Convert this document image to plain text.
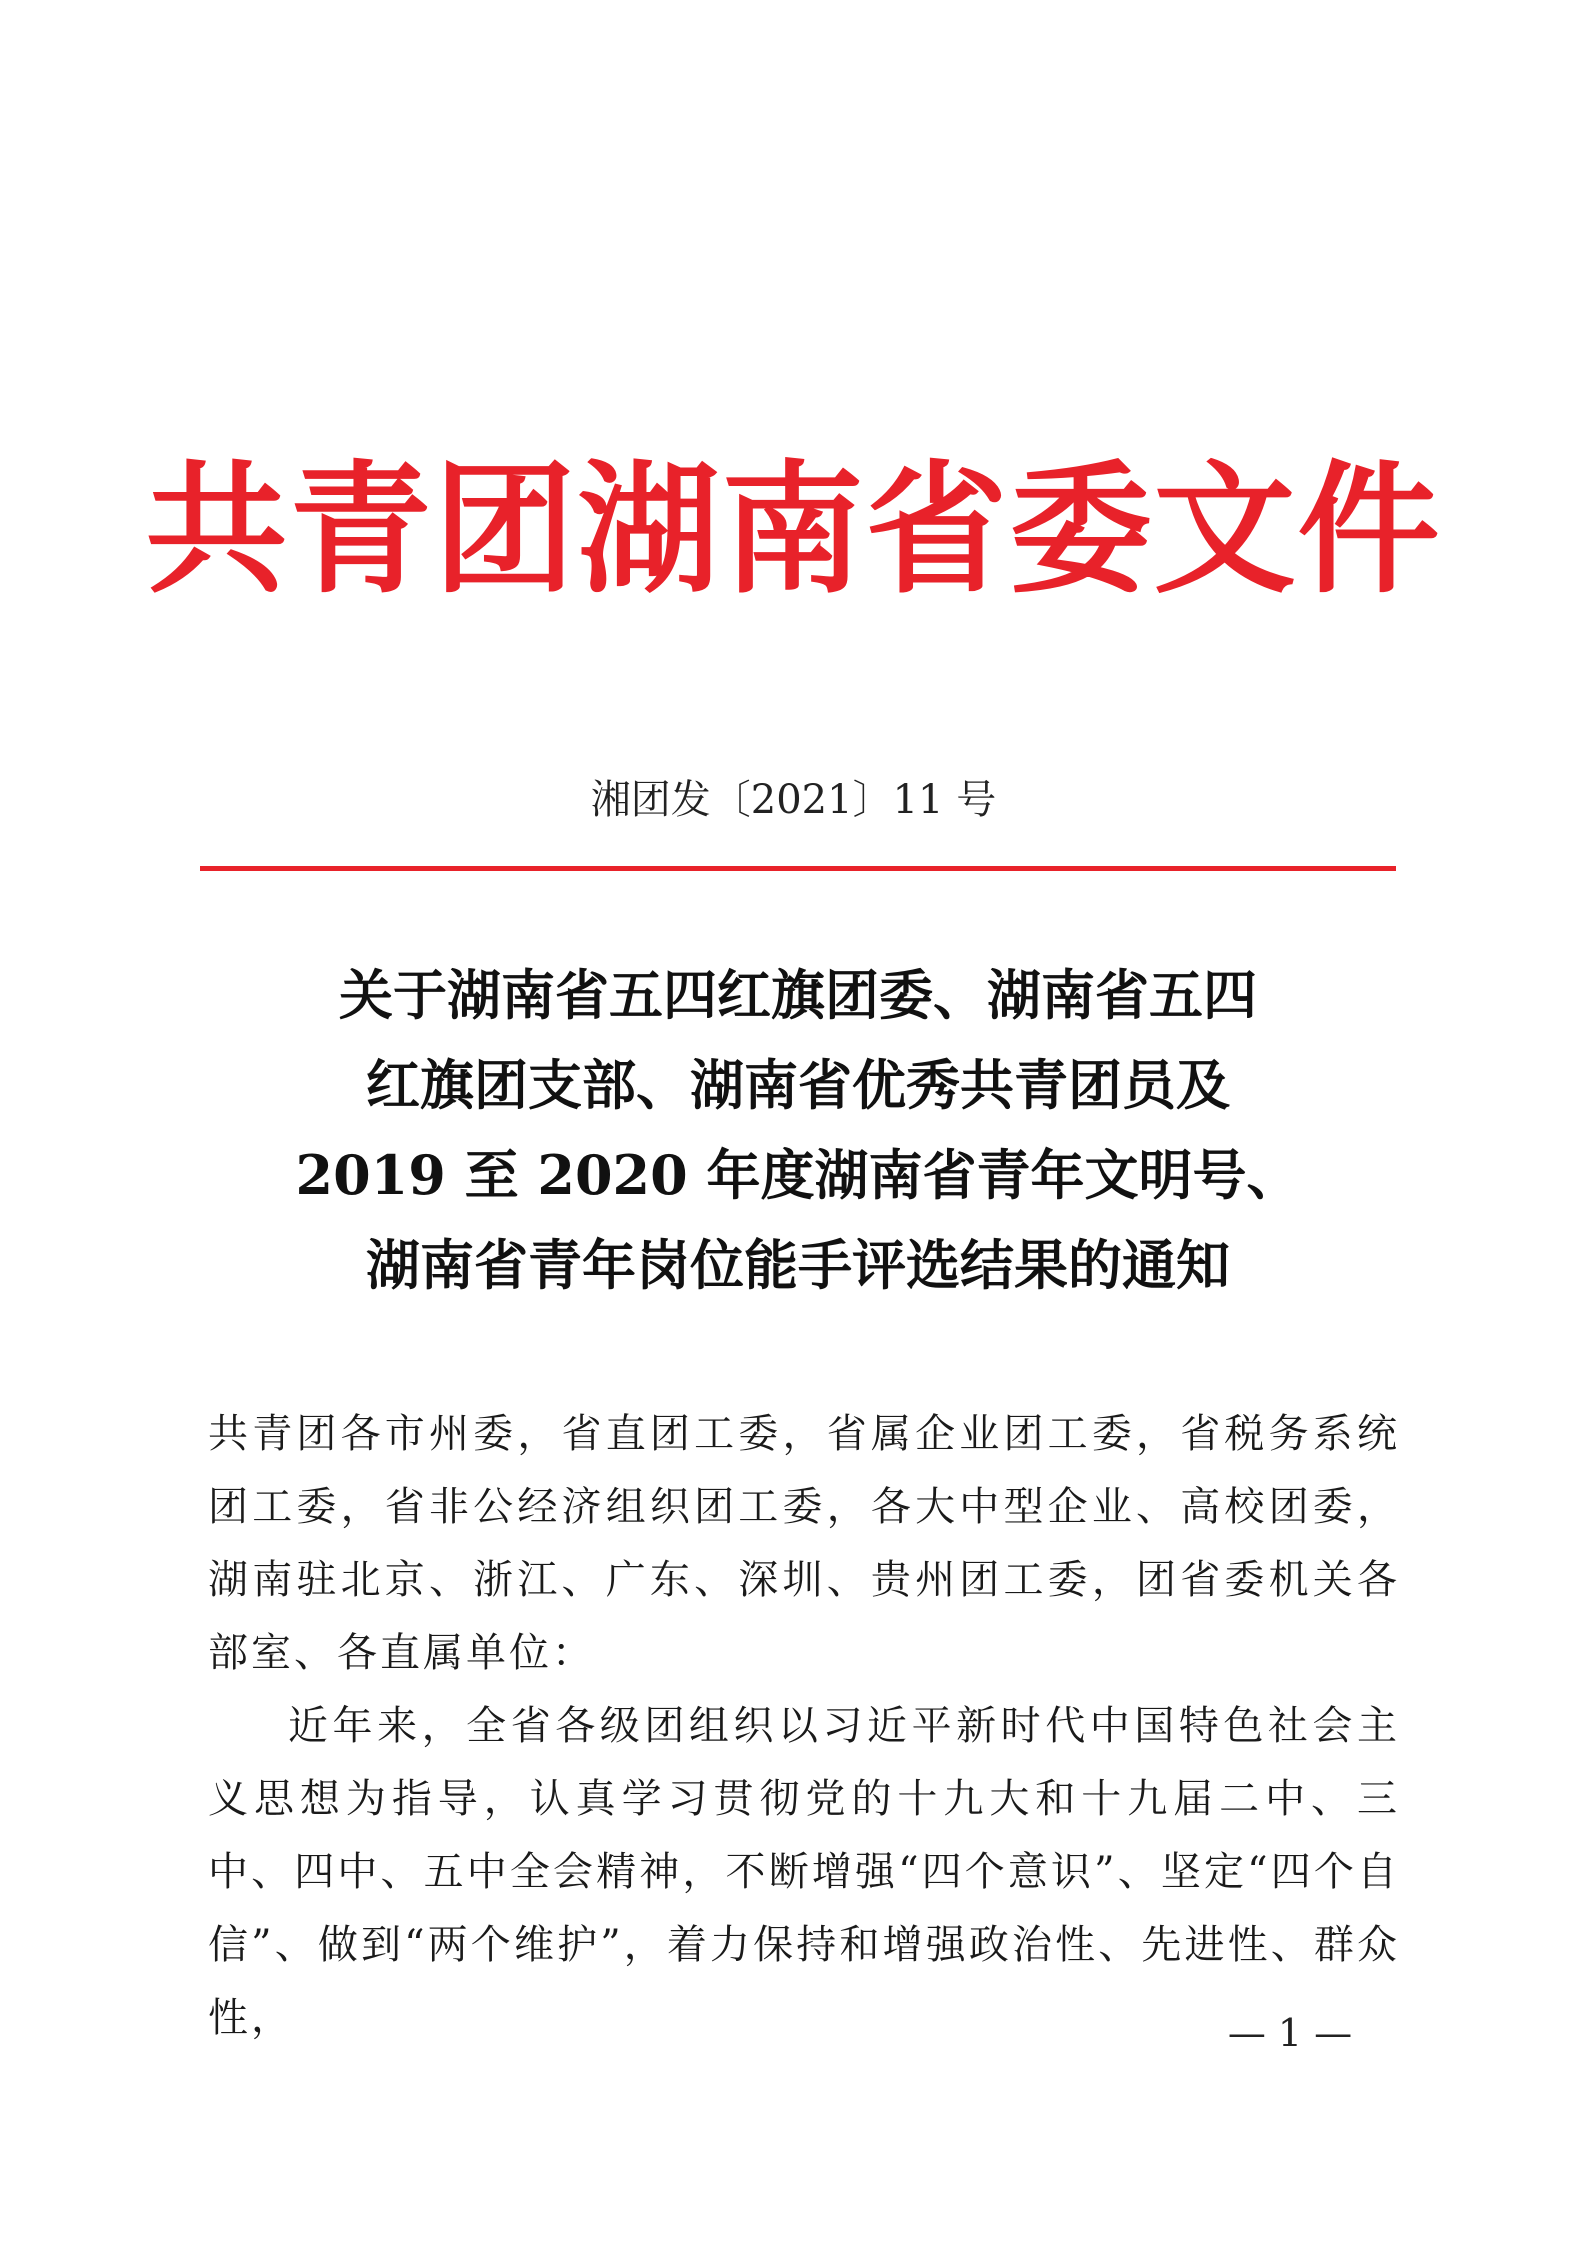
共青团湖南省委文件
湘团发〔2021〕11 号
关于湖南省五四红旗团委、湖南省五四
红旗团支部、湖南省优秀共青团员及
2019 至 2020 年度湖南省青年文明号、
湖南省青年岗位能手评选结果的通知

共青团各市州委，省直团工委，省属企业团工委，省税务系统团工委，省非公经济组织团工委，各大中型企业、高校团委，湖南驻北京、浙江、广东、深圳、贵州团工委，团省委机关各部室、各直属单位：

近年来，全省各级团组织以习近平新时代中国特色社会主义思想为指导，认真学习贯彻党的十九大和十九届二中、三中、四中、五中全会精神，不断增强“四个意识”、坚定“四个自信”、做到“两个维护”，着力保持和增强政治性、先进性、群众性，	— 1 —
